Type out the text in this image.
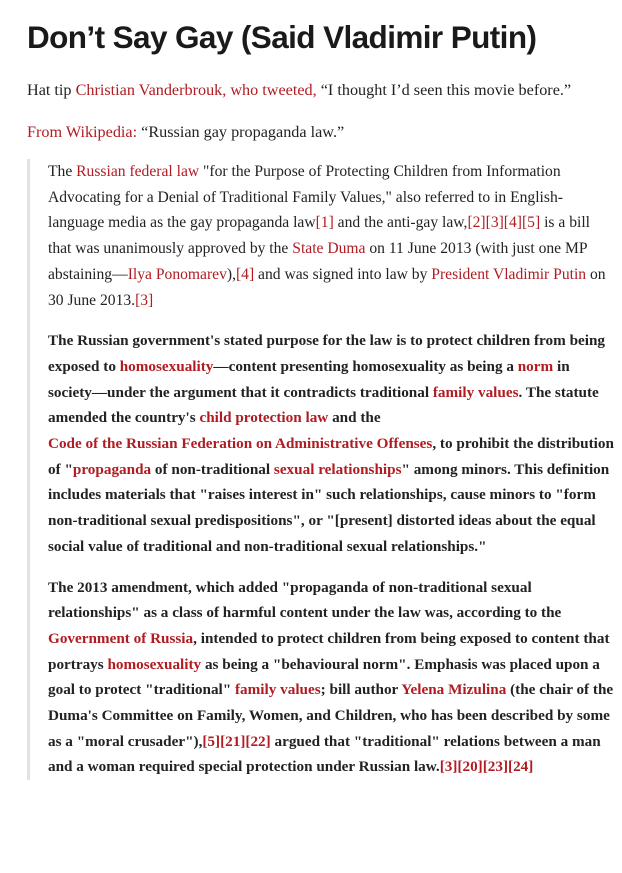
Don’t Say Gay (Said Vladimir Putin)

Hat tip Christian Vanderbrouk, who tweeted, “I thought I’d seen this movie before.”

From Wikipedia: “Russian gay propaganda law.”

The Russian federal law "for the Purpose of Protecting Children from Information Advocating for a Denial of Traditional Family Values," also referred to in English-language media as the gay propaganda law[1] and the anti-gay law,[2][3][4][5] is a bill that was unanimously approved by the State Duma on 11 June 2013 (with just one MP abstaining—Ilya Ponomarev),[4] and was signed into law by President Vladimir Putin on 30 June 2013.[3]

The Russian government's stated purpose for the law is to protect children from being exposed to homosexuality—content presenting homosexuality as being a norm in society—under the argument that it contradicts traditional family values. The statute amended the country's child protection law and the Code of the Russian Federation on Administrative Offenses, to prohibit the distribution of "propaganda of non-traditional sexual relationships" among minors. This definition includes materials that "raises interest in" such relationships, cause minors to "form non-traditional sexual predispositions", or "[present] distorted ideas about the equal social value of traditional and non-traditional sexual relationships."

The 2013 amendment, which added "propaganda of non-traditional sexual relationships" as a class of harmful content under the law was, according to the Government of Russia, intended to protect children from being exposed to content that portrays homosexuality as being a "behavioural norm". Emphasis was placed upon a goal to protect "traditional" family values; bill author Yelena Mizulina (the chair of the Duma's Committee on Family, Women, and Children, who has been described by some as a "moral crusader"),[5][21][22] argued that "traditional" relations between a man and a woman required special protection under Russian law.[3][20][23][24]
